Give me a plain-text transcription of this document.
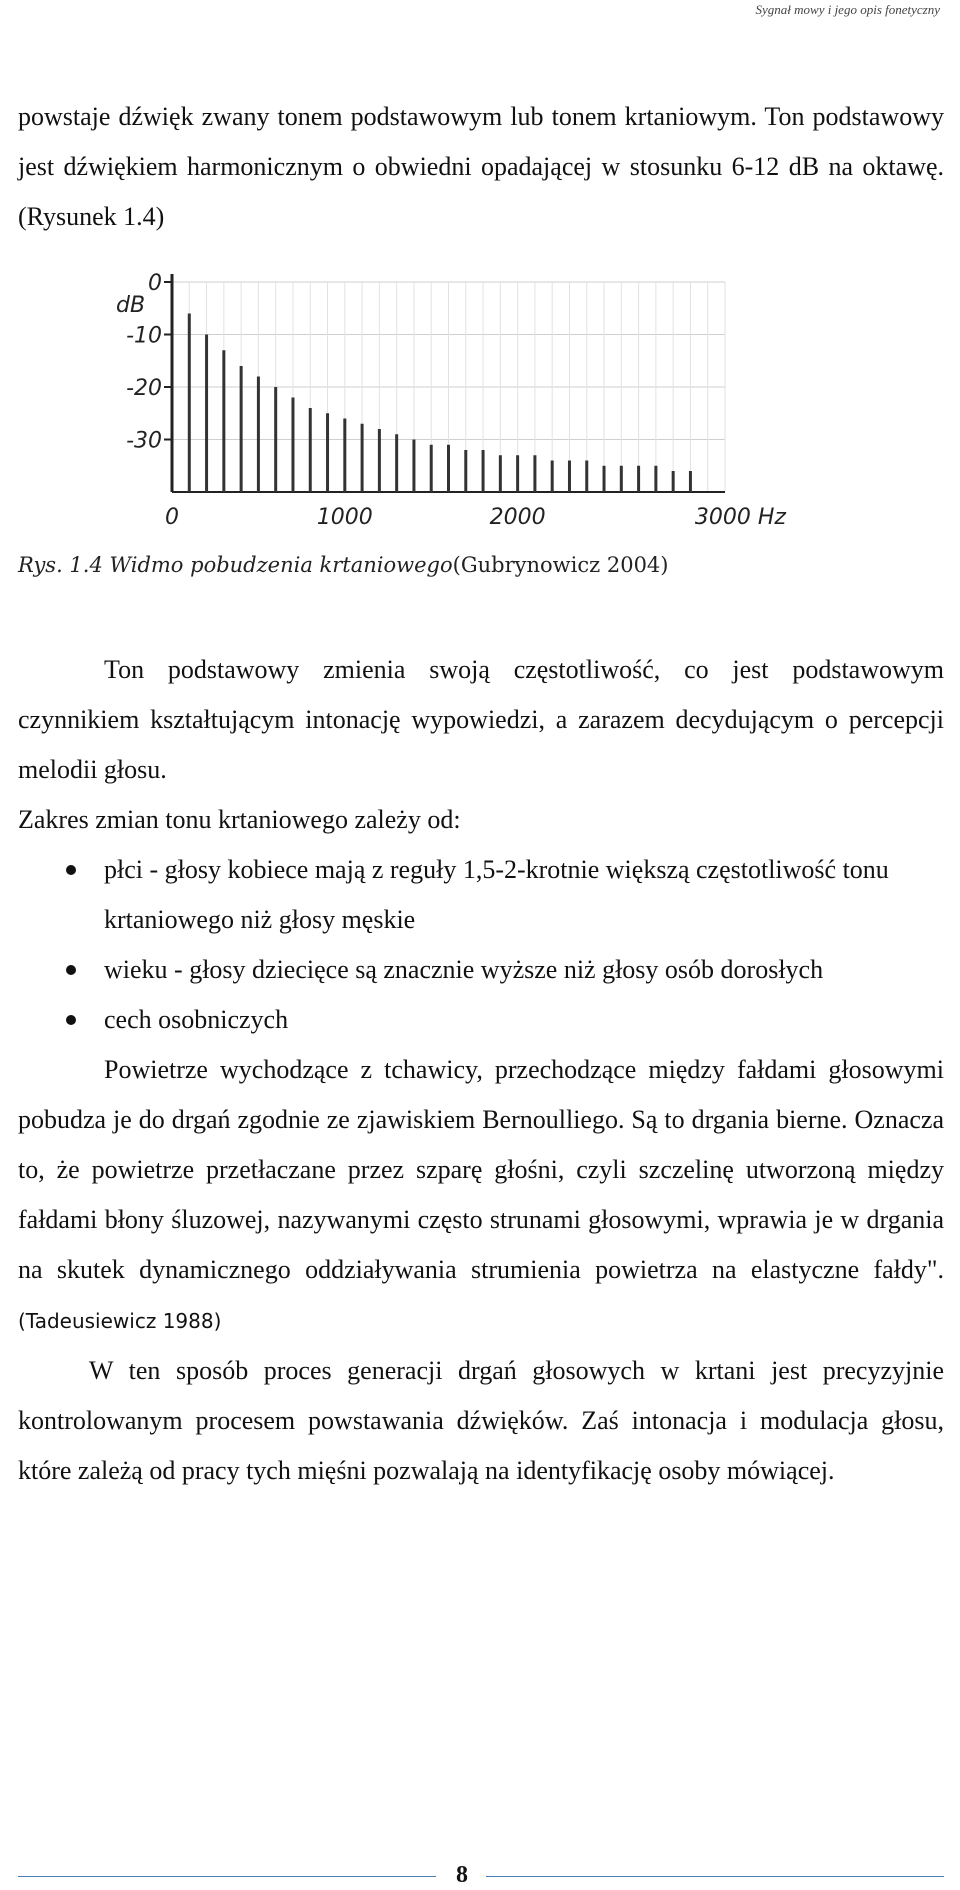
Sygnał mowy i jego opis fonetyczny

powstaje dźwięk zwany tonem podstawowym lub tonem krtaniowym. Ton podstawowy jest dźwiękiem harmonicznym o obwiedni opadającej w stosunku 6-12 dB na oktawę. (Rysunek 1.4)

0
-10
-20
-30
0	1000	2000	3000 Hz
dB
Rys. 1.4 Widmo pobudzenia krtaniowego(Gubrynowicz 2004)

Ton podstawowy zmienia swoją częstotliwość, co jest podstawowym czynnikiem kształtującym intonację wypowiedzi, a zarazem decydującym o percepcji melodii głosu.

Zakres zmian tonu krtaniowego zależy od:

płci - głosy kobiece mają z reguły 1,5-2-krotnie większą częstotliwość tonu krtaniowego niż głosy męskie
wieku - głosy dziecięce są znacznie wyższe niż głosy osób dorosłych
cech osobniczych

Powietrze wychodzące z tchawicy, przechodzące między fałdami głosowymi pobudza je do drgań zgodnie ze zjawiskiem Bernoulliego. Są to drgania bierne. Oznacza to, że powietrze przetłaczane przez szparę głośni, czyli szczelinę utworzoną między fałdami błony śluzowej, nazywanymi często strunami głosowymi, wprawia je w drgania na skutek dynamicznego oddziaływania strumienia powietrza na elastyczne fałdy". (Tadeusiewicz 1988)

W ten sposób proces generacji drgań głosowych w krtani jest precyzyjnie kontrolowanym procesem powstawania dźwięków. Zaś intonacja i modulacja głosu, które zależą od pracy tych mięśni pozwalają na identyfikację osoby mówiącej.

8
